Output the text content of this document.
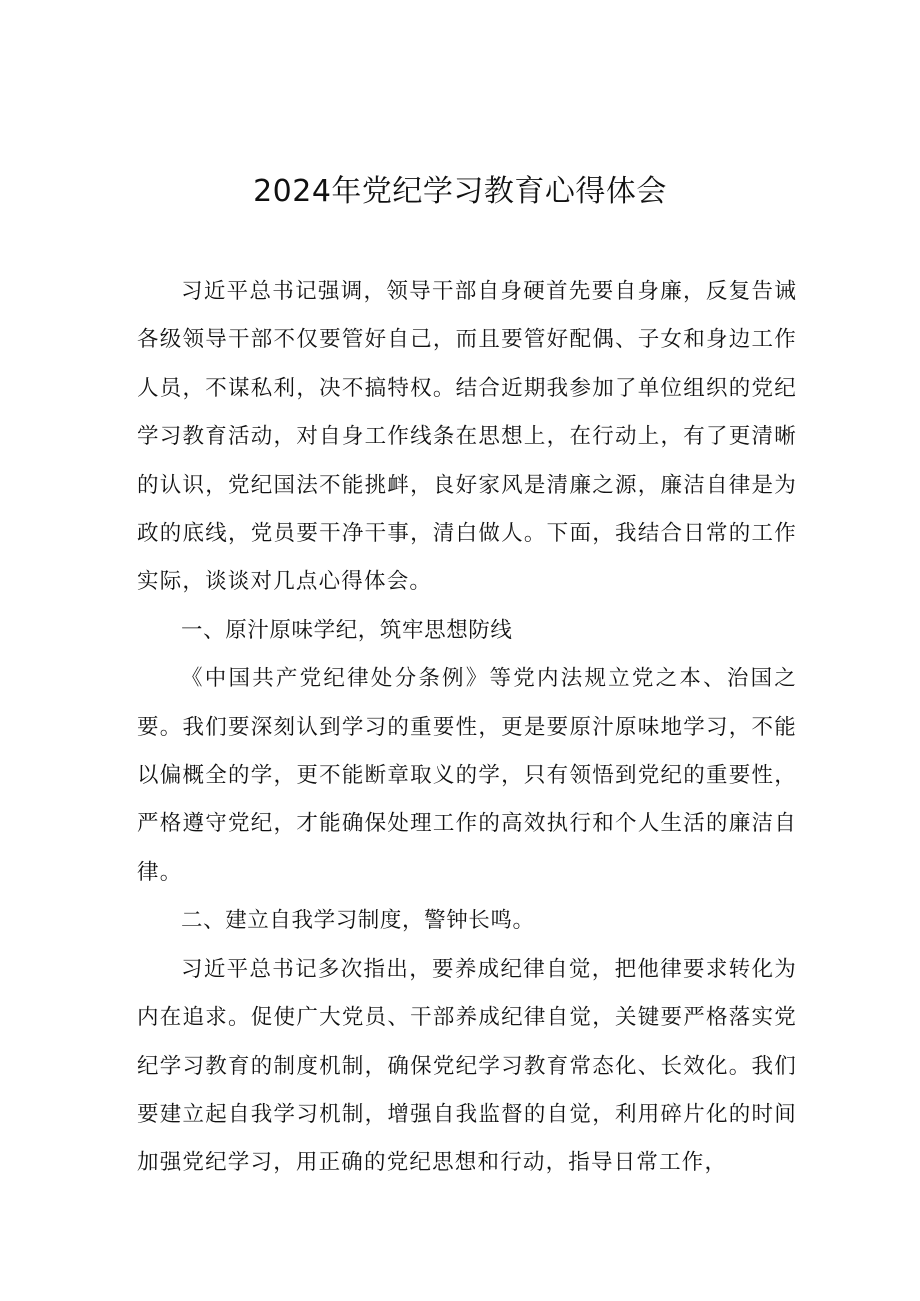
2024年党纪学习教育心得体会

习近平总书记强调，领导干部自身硬首先要自身廉，反复告诫各级领导干部不仅要管好自己，而且要管好配偶、子女和身边工作人员，不谋私利，决不搞特权。结合近期我参加了单位组织的党纪学习教育活动，对自身工作线条在思想上，在行动上，有了更清晰的认识，党纪国法不能挑衅，良好家风是清廉之源，廉洁自律是为政的底线，党员要干净干事，清白做人。下面，我结合日常的工作实际，谈谈对几点心得体会。

一、原汁原味学纪，筑牢思想防线

《中国共产党纪律处分条例》等党内法规立党之本、治国之要。我们要深刻认到学习的重要性，更是要原汁原味地学习，不能以偏概全的学，更不能断章取义的学，只有领悟到党纪的重要性，严格遵守党纪，才能确保处理工作的高效执行和个人生活的廉洁自律。

二、建立自我学习制度，警钟长鸣。

习近平总书记多次指出，要养成纪律自觉，把他律要求转化为内在追求。促使广大党员、干部养成纪律自觉，关键要严格落实党纪学习教育的制度机制，确保党纪学习教育常态化、长效化。我们要建立起自我学习机制，增强自我监督的自觉，利用碎片化的时间加强党纪学习，用正确的党纪思想和行动，指导日常工作，
